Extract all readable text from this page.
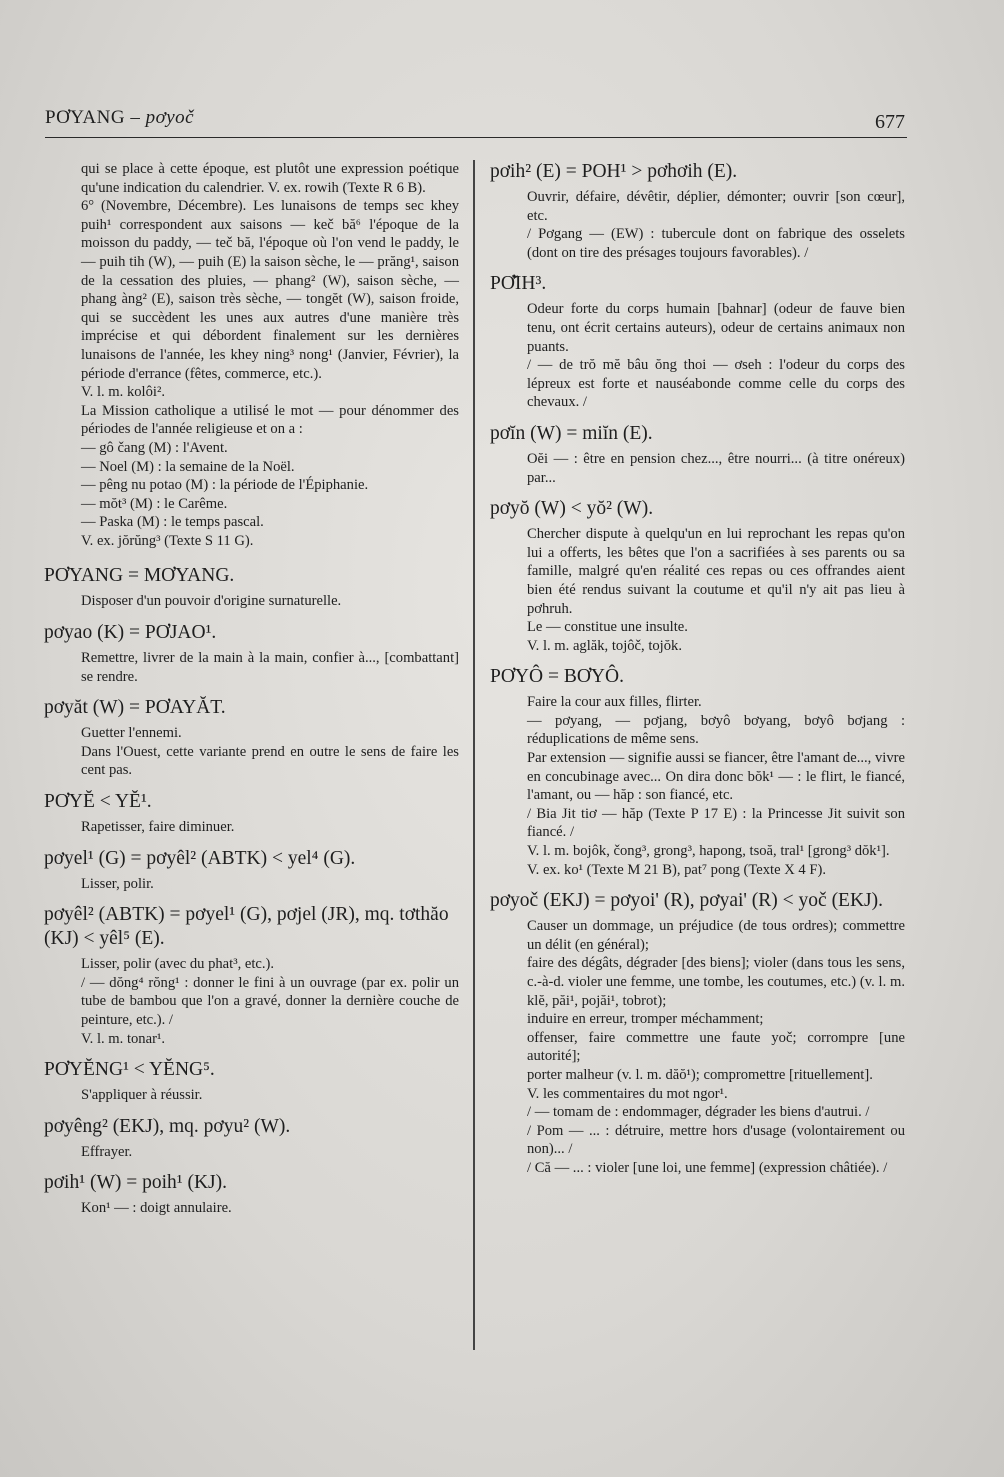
PƠYANG – pơyoč	677

qui se place à cette époque, est plutôt une expression poétique qu'une indication du calendrier. V. ex. rowih (Texte R 6 B).

6° (Novembre, Décembre). Les lunaisons de temps sec khey puih¹ correspondent aux saisons — keč bă⁶ l'époque de la moisson du paddy, — teč bă, l'époque où l'on vend le paddy, le — puih tih (W), — puih (E) la saison sèche, le — prăng¹, saison de la cessation des pluies, — phang² (W), saison sèche, — phang àng² (E), saison très sèche, — tongĕt (W), saison froide, qui se succèdent les unes aux autres d'une manière très imprécise et qui débordent finalement sur les dernières lunaisons de l'année, les khey ning³ nong¹ (Janvier, Février), la période d'errance (fêtes, commerce, etc.).

V. l. m. kolôi².

La Mission catholique a utilisé le mot — pour dénommer des périodes de l'année religieuse et on a :

— gô čang (M) : l'Avent.

— Noel (M) : la semaine de la Noël.

— pêng nu potao (M) : la période de l'Épiphanie.

— mŏt³ (M) : le Carême.

— Paska (M) : le temps pascal.

V. ex. jŏrŭng³ (Texte S 11 G).

PƠYANG = MƠYANG.

Disposer d'un pouvoir d'origine surnaturelle.

pơyao (K) = PƠJAO¹.

Remettre, livrer de la main à la main, confier à..., [combattant] se rendre.

pơyăt (W) = PƠAYĂT.

Guetter l'ennemi.

Dans l'Ouest, cette variante prend en outre le sens de faire les cent pas.

PƠYĔ < YĔ¹.

Rapetisser, faire diminuer.

pơyel¹ (G) = pơyêl² (ABTK) < yel⁴ (G).

Lisser, polir.

pơyêl² (ABTK) = pơyel¹ (G), pơjel (JR), mq. tơthăo (KJ) < yêl⁵ (E).

Lisser, polir (avec du phat³, etc.).

/ — dŏng⁴ rŏng¹ : donner le fini à un ouvrage (par ex. polir un tube de bambou que l'on a gravé, donner la dernière couche de peinture, etc.). /

V. l. m. tonar¹.

PƠYĔNG¹ < YĔNG⁵.

S'appliquer à réussir.

pơyêng² (EKJ), mq. pơyu² (W).

Effrayer.

pơih¹ (W) = poih¹ (KJ).

Kon¹ — : doigt annulaire.

pơih² (E) = POH¹ > pơhơih (E).

Ouvrir, défaire, dévêtir, déplier, démonter; ouvrir [son cœur], etc.

/ Pơgang — (EW) : tubercule dont on fabrique des osselets (dont on tire des présages toujours favorables). /

PƠ̆IH³.

Odeur forte du corps humain [bahnar] (odeur de fauve bien tenu, ont écrit certains auteurs), odeur de certains animaux non puants.

/ — de trŏ mĕ bâu ŏng thoi — ơseh : l'odeur du corps des lépreux est forte et nauséabonde comme celle du corps des chevaux. /

pơĭn (W) = miĭn (E).

Oĕi — : être en pension chez..., être nourri... (à titre onéreux) par...

pơyŏ (W) < yŏ² (W).

Chercher dispute à quelqu'un en lui reprochant les repas qu'on lui a offerts, les bêtes que l'on a sacrifiées à ses parents ou sa famille, malgré qu'en réalité ces repas ou ces offrandes aient bien été rendus suivant la coutume et qu'il n'y ait pas lieu à pơhruh.

Le — constitue une insulte.

V. l. m. aglăk, tojôč, tojŏk.

PƠYÔ = BƠYÔ.

Faire la cour aux filles, flirter.

— pơyang, — pơjang, bơyô bơyang, bơyô bơjang : réduplications de même sens.

Par extension — signifie aussi se fiancer, être l'amant de..., vivre en concubinage avec... On dira donc bŏk¹ — : le flirt, le fiancé, l'amant, ou — hăp : son fiancé, etc.

/ Bia Jit tiơ — hăp (Texte P 17 E) : la Princesse Jit suivit son fiancé. /

V. l. m. bojôk, čong³, grong³, hapong, tsoă, tral¹ [grong³ dŏk¹].

V. ex. ko¹ (Texte M 21 B), pat⁷ pong (Texte X 4 F).

pơyoč (EKJ) = pơyoi' (R), pơyai' (R) < yoč (EKJ).

Causer un dommage, un préjudice (de tous ordres); commettre un délit (en général);

faire des dégâts, dégrader [des biens]; violer (dans tous les sens, c.-à-d. violer une femme, une tombe, les coutumes, etc.) (v. l. m. klĕ, păi¹, pojăi¹, tobrot);

induire en erreur, tromper méchamment;

offenser, faire commettre une faute yoč; corrompre [une autorité];

porter malheur (v. l. m. dăŏ¹); compromettre [rituellement].

V. les commentaires du mot ngor¹.

/ — tomam de : endommager, dégrader les biens d'autrui. /

/ Pom — ... : détruire, mettre hors d'usage (volontairement ou non)... /

/ Că — ... : violer [une loi, une femme] (expression châtiée). /
